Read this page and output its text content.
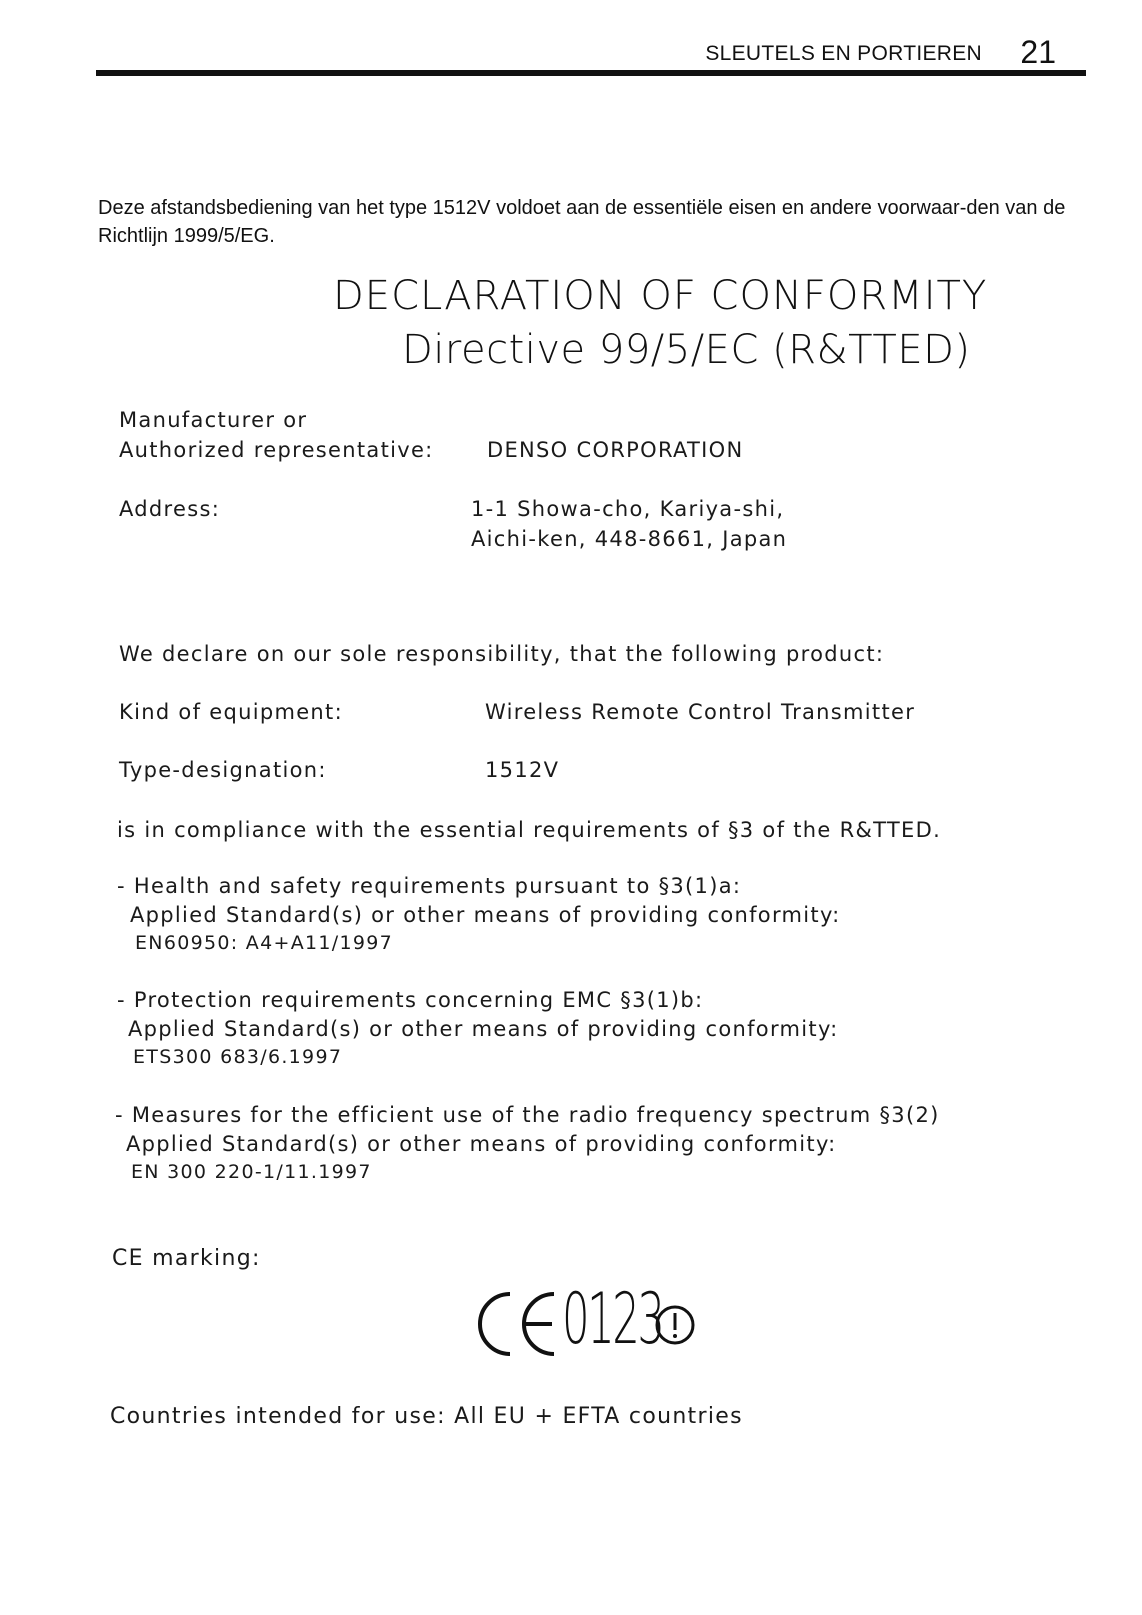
SLEUTELS EN PORTIEREN 21
Deze afstandsbediening van het type 1512V voldoet aan de essentiële eisen en andere voorwaar-den van de Richtlijn 1999/5/EG.
DECLARATION OF CONFORMITY
Directive 99/5/EC (R&TTED)
Manufacturer or
Authorized representative:	DENSO CORPORATION
Address:	1-1 Showa-cho, Kariya-shi,
Aichi-ken, 448-8661, Japan
We declare on our sole responsibility, that the following product:
Kind of equipment:	Wireless Remote Control Transmitter
Type-designation:	1512V
is in compliance with the essential requirements of §3 of the R&TTED.
- Health and safety requirements pursuant to §3(1)a:
Applied Standard(s) or other means of providing conformity:
EN60950: A4+A11/1997
- Protection requirements concerning EMC §3(1)b:
Applied Standard(s) or other means of providing conformity:
ETS300 683/6.1997
- Measures for the efficient use of the radio frequency spectrum §3(2)
Applied Standard(s) or other means of providing conformity:
EN 300 220-1/11.1997
CE marking:
0123
Countries intended for use: All EU + EFTA countries
